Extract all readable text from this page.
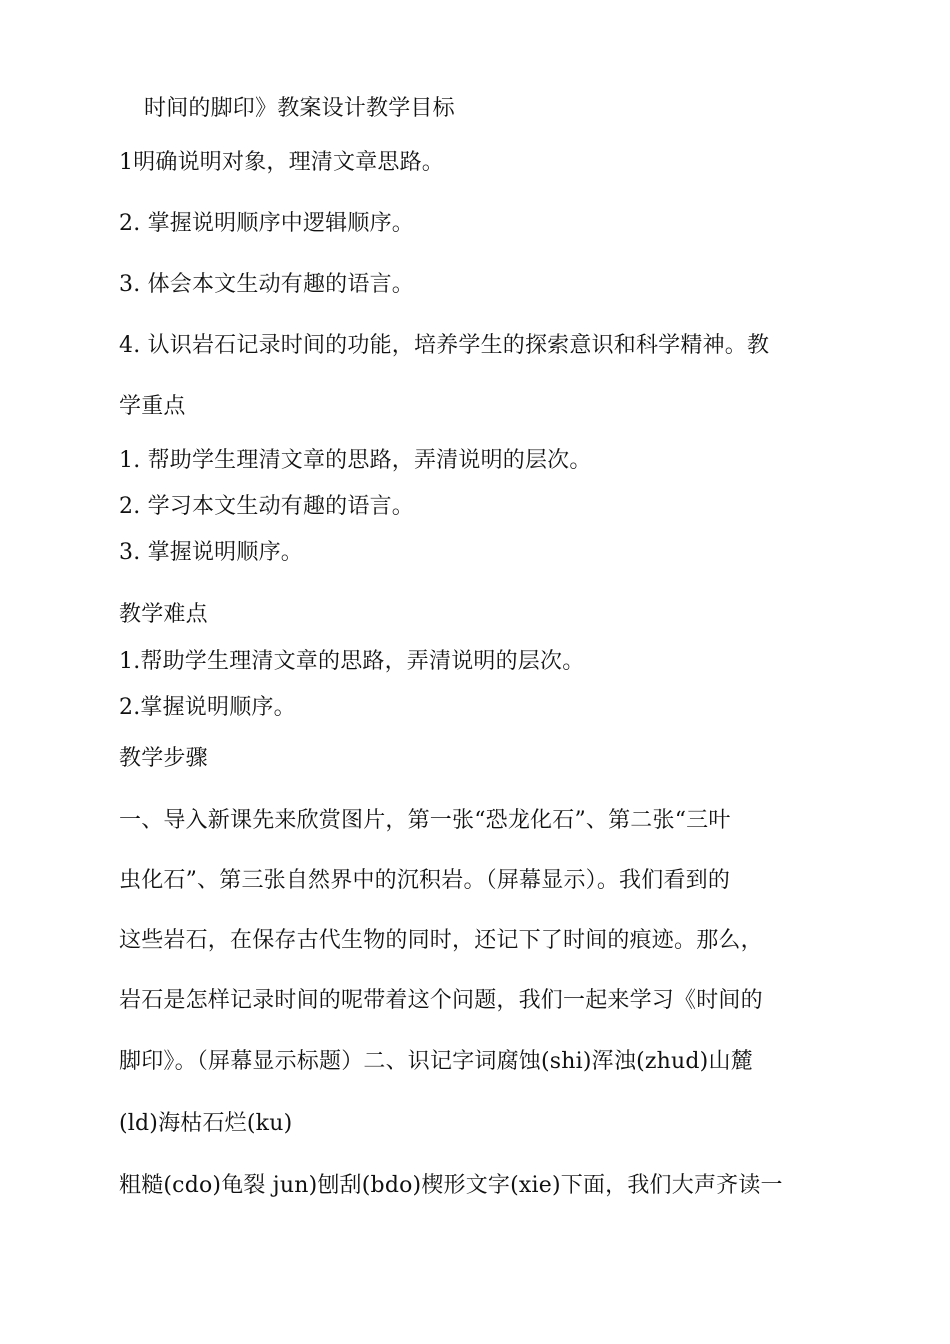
时间的脚印》教案设计教学目标
1明确说明对象，理清文章思路。
2. 掌握说明顺序中逻辑顺序。
3. 体会本文生动有趣的语言。
4. 认识岩石记录时间的功能，培养学生的探索意识和科学精神。教
学重点
1. 帮助学生理清文章的思路，弄清说明的层次。
2. 学习本文生动有趣的语言。
3. 掌握说明顺序。
教学难点
1.帮助学生理清文章的思路，弄清说明的层次。
2.掌握说明顺序。
教学步骤
一、导入新课先来欣赏图片，第一张“恐龙化石”、第二张“三叶
虫化石”、第三张自然界中的沉积岩。（屏幕显示）。我们看到的
这些岩石，在保存古代生物的同时，还记下了时间的痕迹。那么，
岩石是怎样记录时间的呢带着这个问题，我们一起来学习《时间的
脚印》。（屏幕显示标题）二、识记字词腐蚀(shi)浑浊(zhud)山麓
(ld)海枯石烂(ku)
粗糙(cdo)龟裂 jun)刨刮(bdo)楔形文字(xie)下面，我们大声齐读一
